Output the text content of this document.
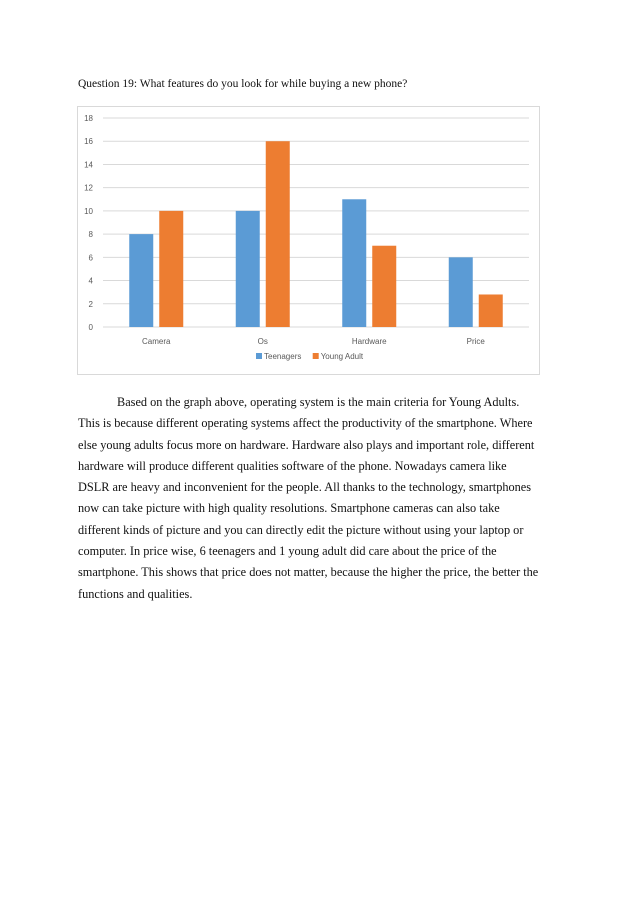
Question 19: What features do you look for while buying a new phone?
0
2
4
6
8
10
12
14
16
18
Camera	Os	Hardware	Price
Teenagers Young Adult

Based on the graph above, operating system is the main criteria for Young Adults.

This is because different operating systems affect the productivity of the smartphone. Where

else young adults focus more on hardware. Hardware also plays and important role, different

hardware will produce different qualities software of the phone. Nowadays camera like

DSLR are heavy and inconvenient for the people. All thanks to the technology, smartphones

now can take picture with high quality resolutions. Smartphone cameras can also take

different kinds of picture and you can directly edit the picture without using your laptop or

computer. In price wise, 6 teenagers and 1 young adult did care about the price of the

smartphone. This shows that price does not matter, because the higher the price, the better the

functions and qualities.
